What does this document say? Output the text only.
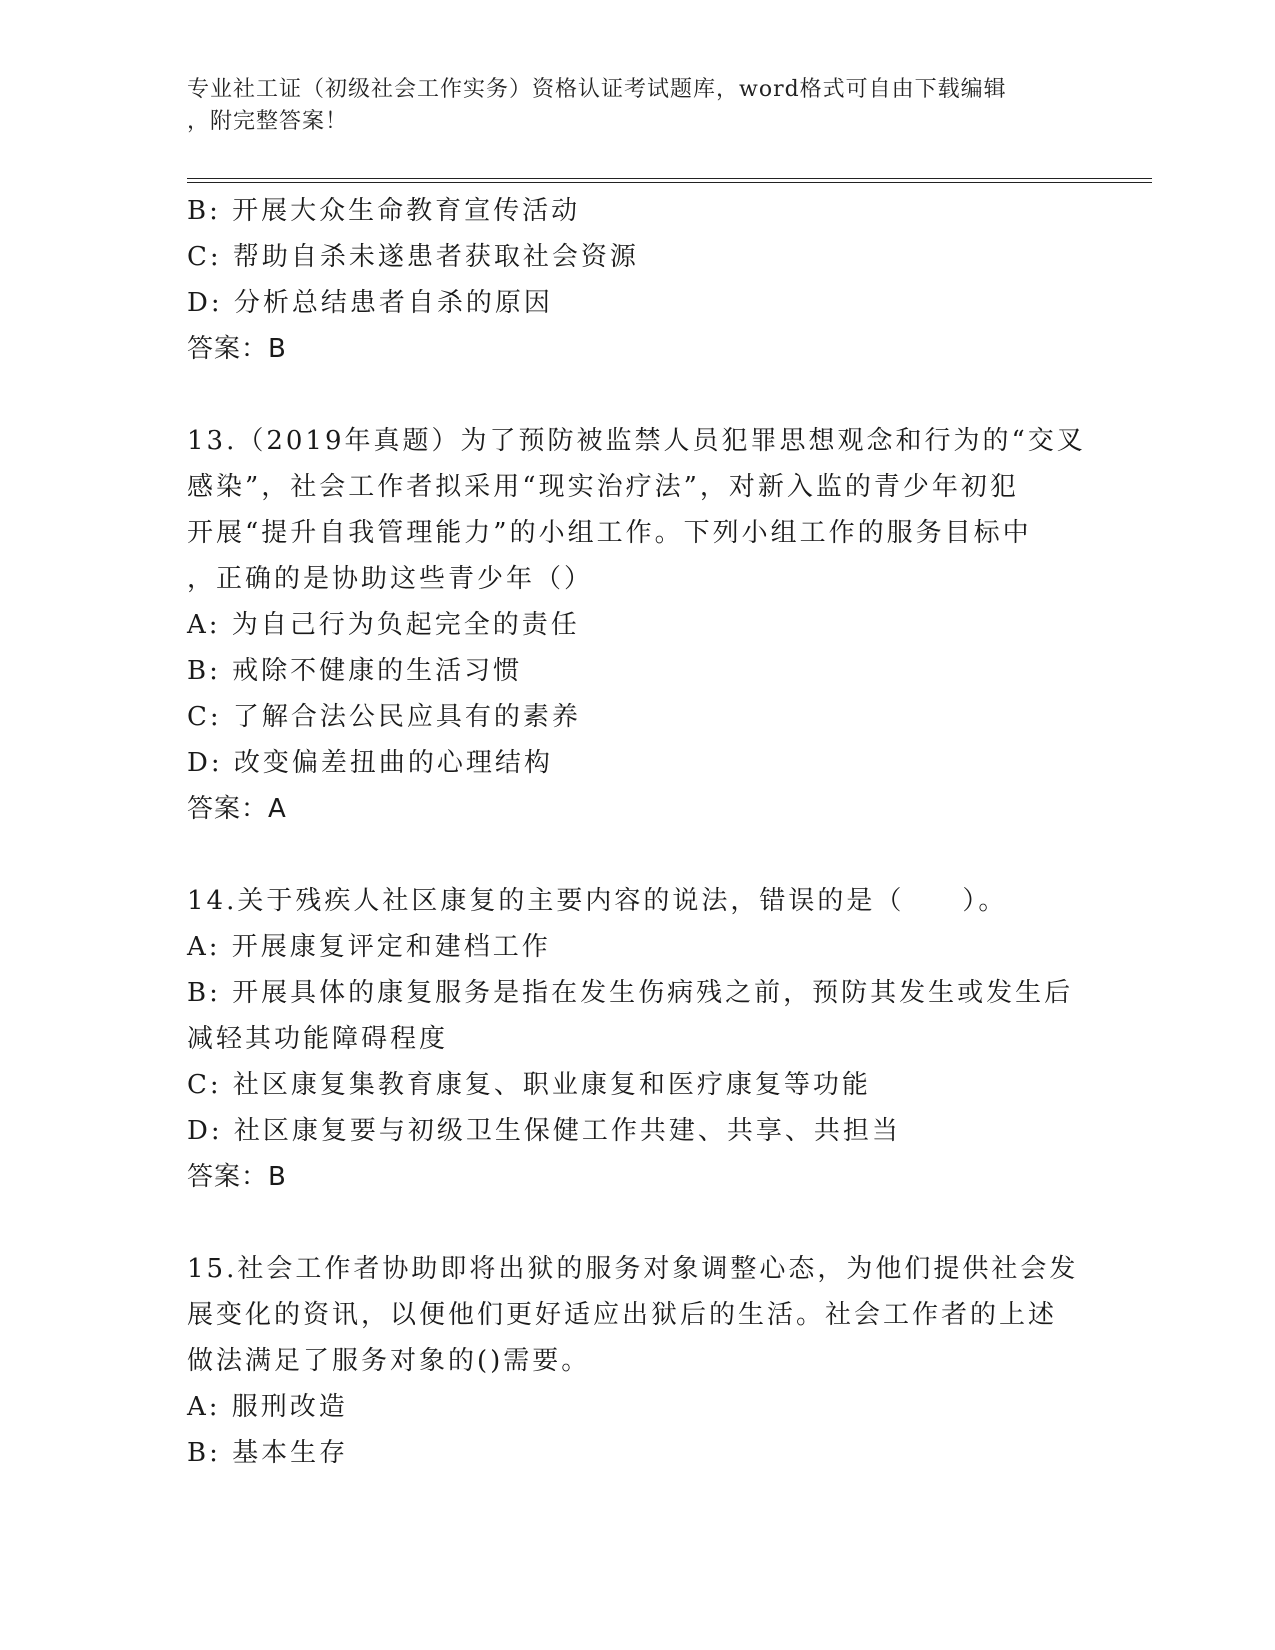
专业社工证（初级社会工作实务）资格认证考试题库，word格式可自由下载编辑
，附完整答案！

B: 开展大众生命教育宣传活动

C: 帮助自杀未遂患者获取社会资源

D: 分析总结患者自杀的原因

答案：B

13.（2019年真题）为了预防被监禁人员犯罪思想观念和行为的“交叉

感染”，社会工作者拟采用“现实治疗法”，对新入监的青少年初犯

开展“提升自我管理能力”的小组工作。下列小组工作的服务目标中

，正确的是协助这些青少年（）

A: 为自己行为负起完全的责任

B: 戒除不健康的生活习惯

C: 了解合法公民应具有的素养

D: 改变偏差扭曲的心理结构

答案：A

14.关于残疾人社区康复的主要内容的说法，错误的是（　　）。

A: 开展康复评定和建档工作

B: 开展具体的康复服务是指在发生伤病残之前，预防其发生或发生后减轻其功能障碍程度

C: 社区康复集教育康复、职业康复和医疗康复等功能

D: 社区康复要与初级卫生保健工作共建、共享、共担当

答案：B

15.社会工作者协助即将出狱的服务对象调整心态，为他们提供社会发

展变化的资讯，以便他们更好适应出狱后的生活。社会工作者的上述

做法满足了服务对象的()需要。

A: 服刑改造

B: 基本生存
